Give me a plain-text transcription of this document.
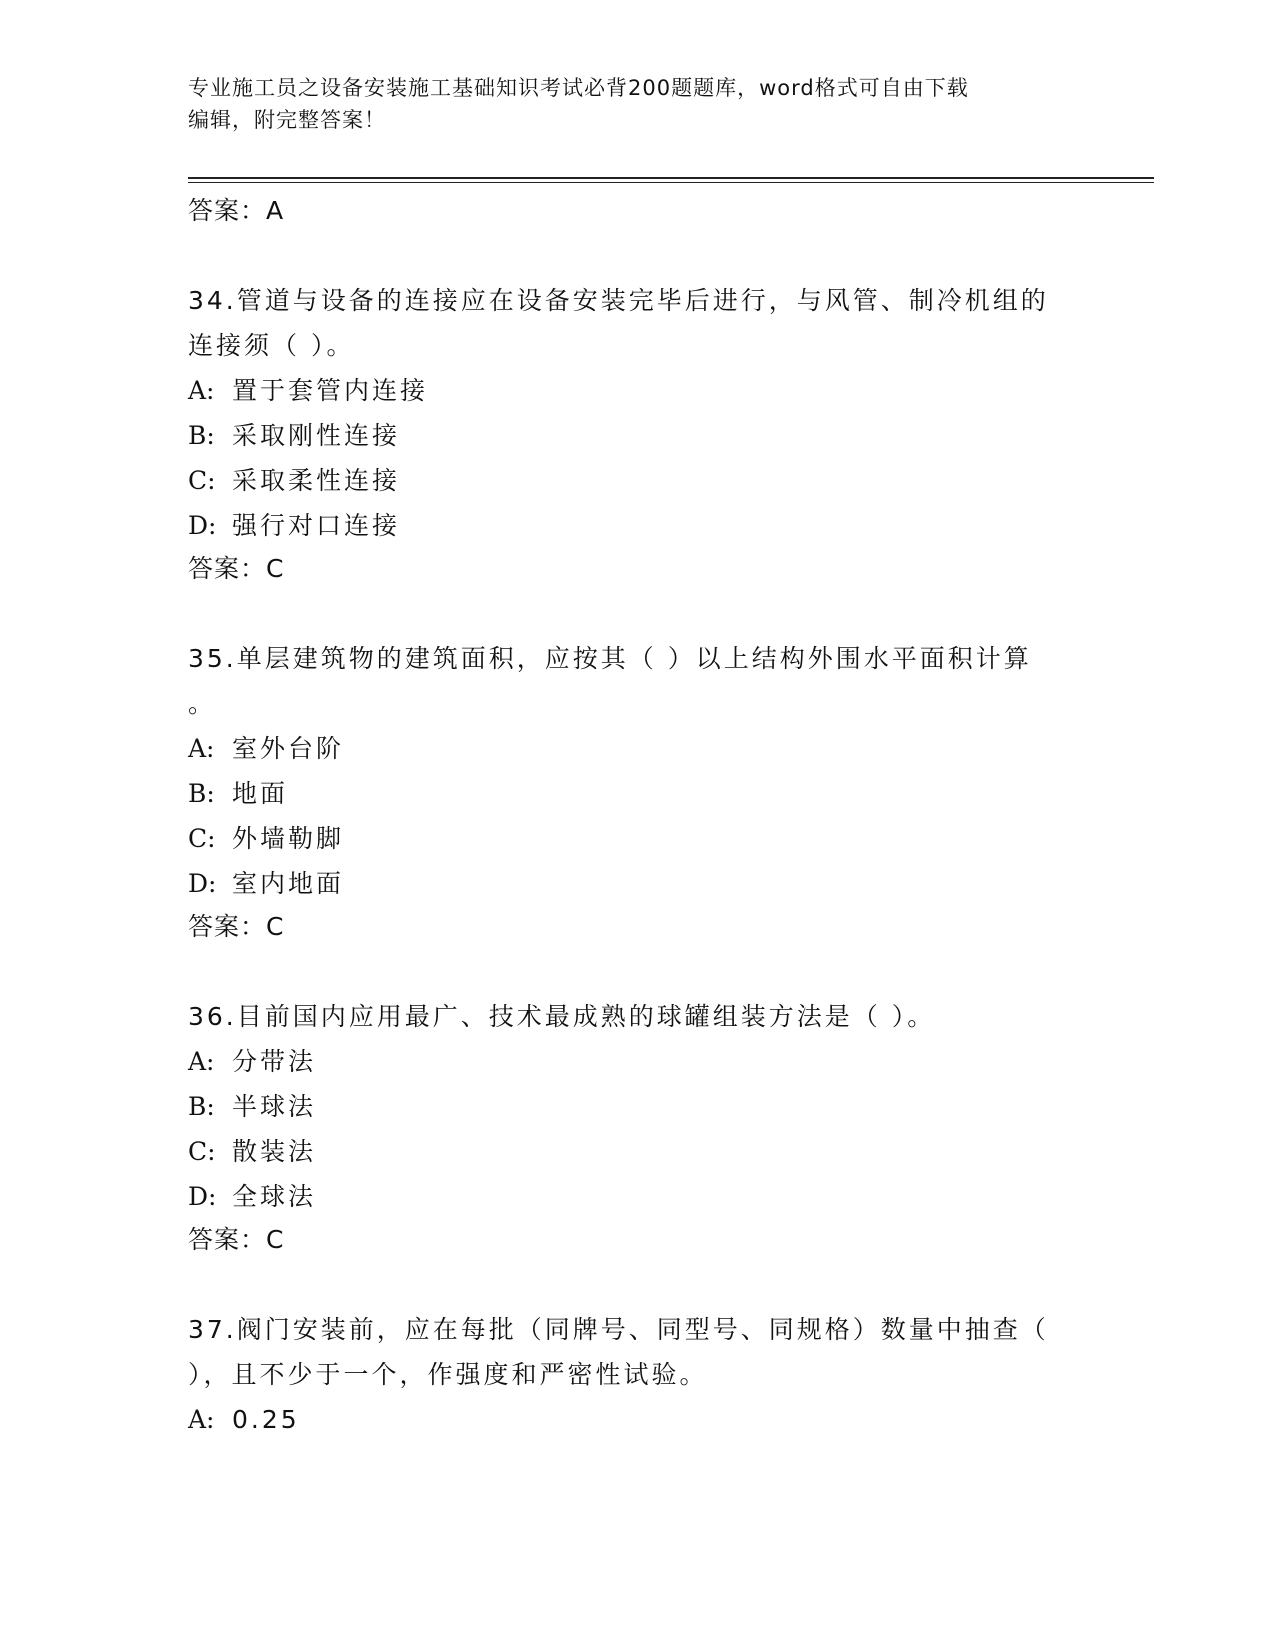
专业施工员之设备安装施工基础知识考试必背200题题库，word格式可自由下载
编辑，附完整答案！
答案：A
34.管道与设备的连接应在设备安装完毕后进行，与风管、制冷机组的
连接须（ ）。
A: 置于套管内连接
B: 采取刚性连接
C: 采取柔性连接
D: 强行对口连接
答案：C
35.单层建筑物的建筑面积，应按其（ ）以上结构外围水平面积计算
。
A: 室外台阶
B: 地面
C: 外墙勒脚
D: 室内地面
答案：C
36.目前国内应用最广、技术最成熟的球罐组装方法是（ ）。
A: 分带法
B: 半球法
C: 散装法
D: 全球法
答案：C
37.阀门安装前，应在每批（同牌号、同型号、同规格）数量中抽查（
），且不少于一个，作强度和严密性试验。
A: 0.25
